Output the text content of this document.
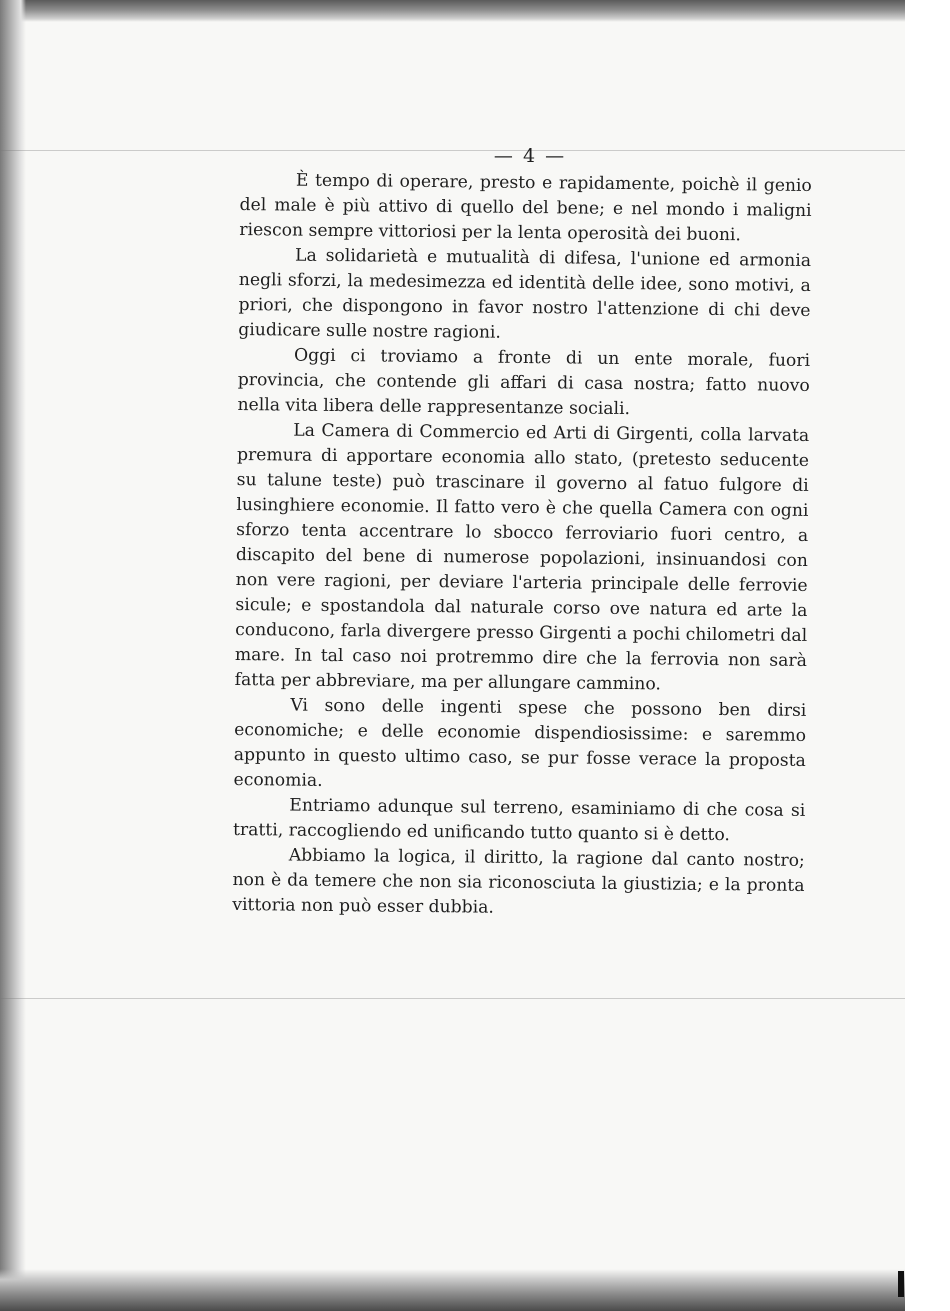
— 4 —

È tempo di operare, presto e rapidamente, poichè il genio del male è più attivo di quello del bene; e nel mondo i maligni riescon sempre vittoriosi per la lenta operosità dei buoni.

La solidarietà e mutualità di difesa, l'unione ed armonia negli sforzi, la medesimezza ed identità delle idee, sono motivi, a priori, che dispongono in favor nostro l'attenzione di chi deve giudicare sulle nostre ragioni.

Oggi ci troviamo a fronte di un ente morale, fuori provincia, che contende gli affari di casa nostra; fatto nuovo nella vita libera delle rappresentanze sociali.

La Camera di Commercio ed Arti di Girgenti, colla larvata premura di apportare economia allo stato, (pretesto seducente su talune teste) può trascinare il governo al fatuo fulgore di lusinghiere economie. Il fatto vero è che quella Camera con ogni sforzo tenta accentrare lo sbocco ferroviario fuori centro, a discapito del bene di numerose popolazioni, insinuandosi con non vere ragioni, per deviare l'arteria principale delle ferrovie sicule; e spostandola dal naturale corso ove natura ed arte la conducono, farla divergere presso Girgenti a pochi chilometri dal mare. In tal caso noi protremmo dire che la ferrovia non sarà fatta per abbreviare, ma per allungare cammino.

Vi sono delle ingenti spese che possono ben dirsi economiche; e delle economie dispendiosissime: e saremmo appunto in questo ultimo caso, se pur fosse verace la proposta economia.

Entriamo adunque sul terreno, esaminiamo di che cosa si tratti, raccogliendo ed unificando tutto quanto si è detto.

Abbiamo la logica, il diritto, la ragione dal canto nostro; non è da temere che non sia riconosciuta la giustizia; e la pronta vittoria non può esser dubbia.
